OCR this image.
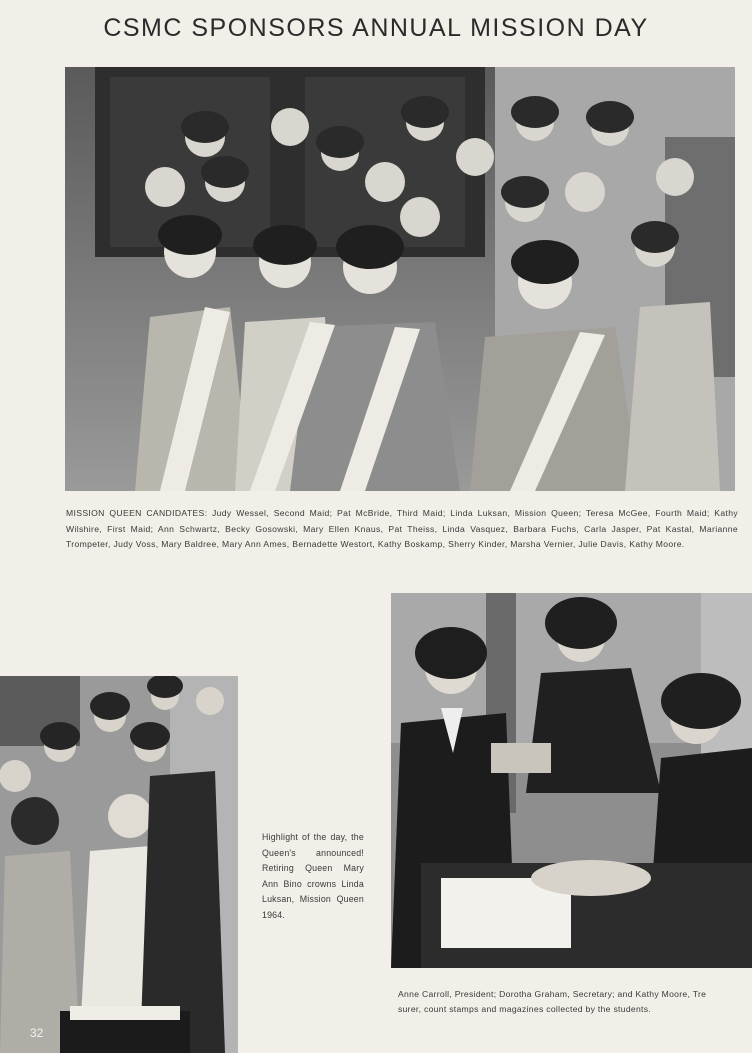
CSMC SPONSORS ANNUAL MISSION DAY
MISSION QUEEN CANDIDATES: Judy Wessel, Second Maid; Pat McBride, Third Maid; Linda Luksan, Mission Queen; Teresa McGee, Fourth Maid; Kathy Wilshire, First Maid; Ann Schwartz, Becky Gosowski, Mary Ellen Knaus, Pat Theiss, Linda Vasquez, Barbara Fuchs, Carla Jasper, Pat Kastal, Marianne Trompeter, Judy Voss, Mary Baldree, Mary Ann Ames, Bernadette Westort, Kathy Boskamp, Sherry Kinder, Marsha Vernier, Julie Davis, Kathy Moore.
Anne Carroll, President; Dorotha Graham, Secretary; and Kathy Moore, Tre
surer, count stamps and magazines collected by the students.
32
Highlight of the day, the Queen's announced! Retiring Queen Mary Ann Bino crowns Linda Luksan, Mission Queen 1964.
